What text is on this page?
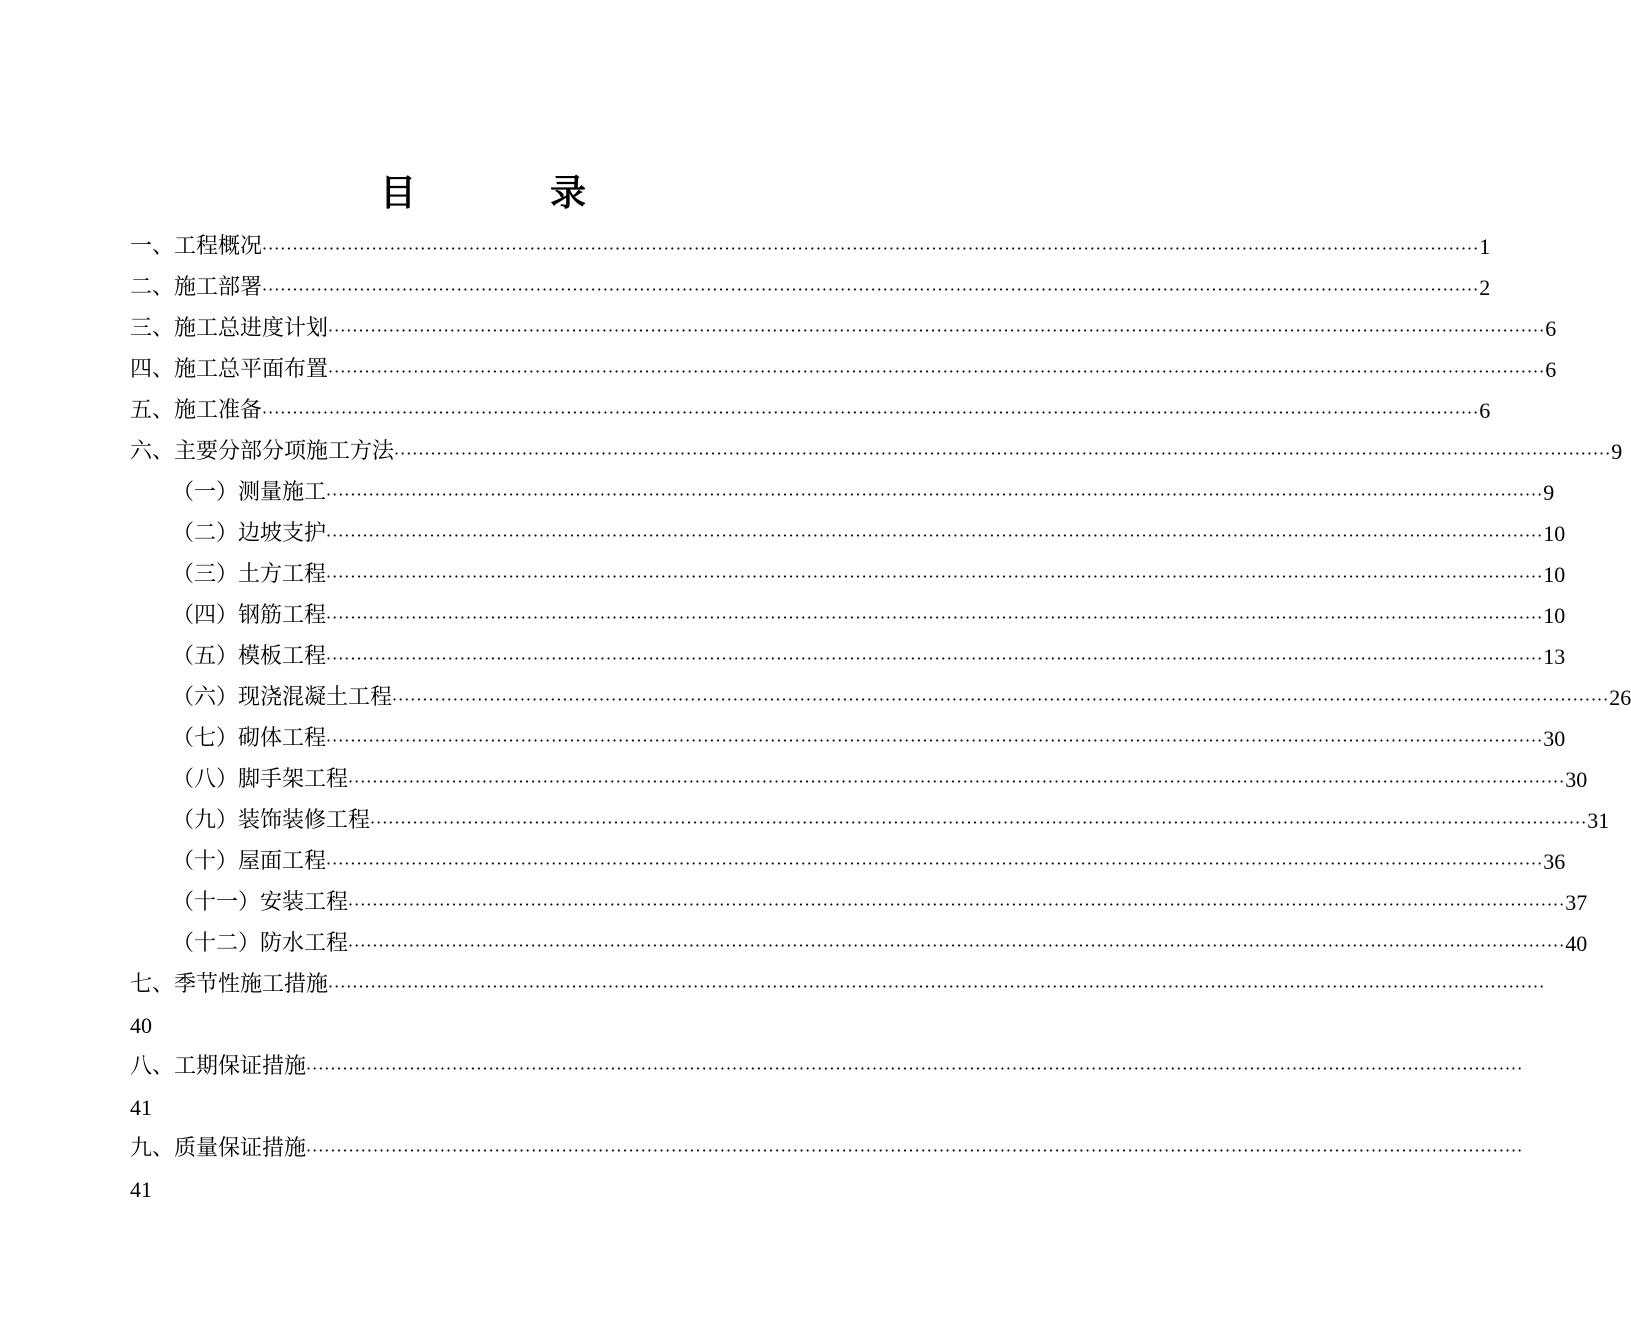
目	录
一、工程概况 ········································································································································································································ 1
二、施工部署 ········································································································································································································ 2
三、施工总进度计划 ········································································································································································································ 6
四、施工总平面布置 ········································································································································································································ 6
五、施工准备 ········································································································································································································ 6
六、主要分部分项施工方法 ········································································································································································································ 9
（一）测量施工 ········································································································································································································ 9
（二）边坡支护 ········································································································································································································ 10
（三）土方工程 ········································································································································································································ 10
（四）钢筋工程 ········································································································································································································ 10
（五）模板工程 ········································································································································································································ 13
（六）现浇混凝土工程 ········································································································································································································ 26
（七）砌体工程 ········································································································································································································ 30
（八）脚手架工程 ········································································································································································································ 30
（九）装饰装修工程 ········································································································································································································ 31
（十）屋面工程 ········································································································································································································ 36
（十一）安装工程 ········································································································································································································ 37
（十二）防水工程 ········································································································································································································ 40
七、季节性施工措施 ········································································································································································································
40
八、工期保证措施 ········································································································································································································
41
九、质量保证措施 ········································································································································································································
41
